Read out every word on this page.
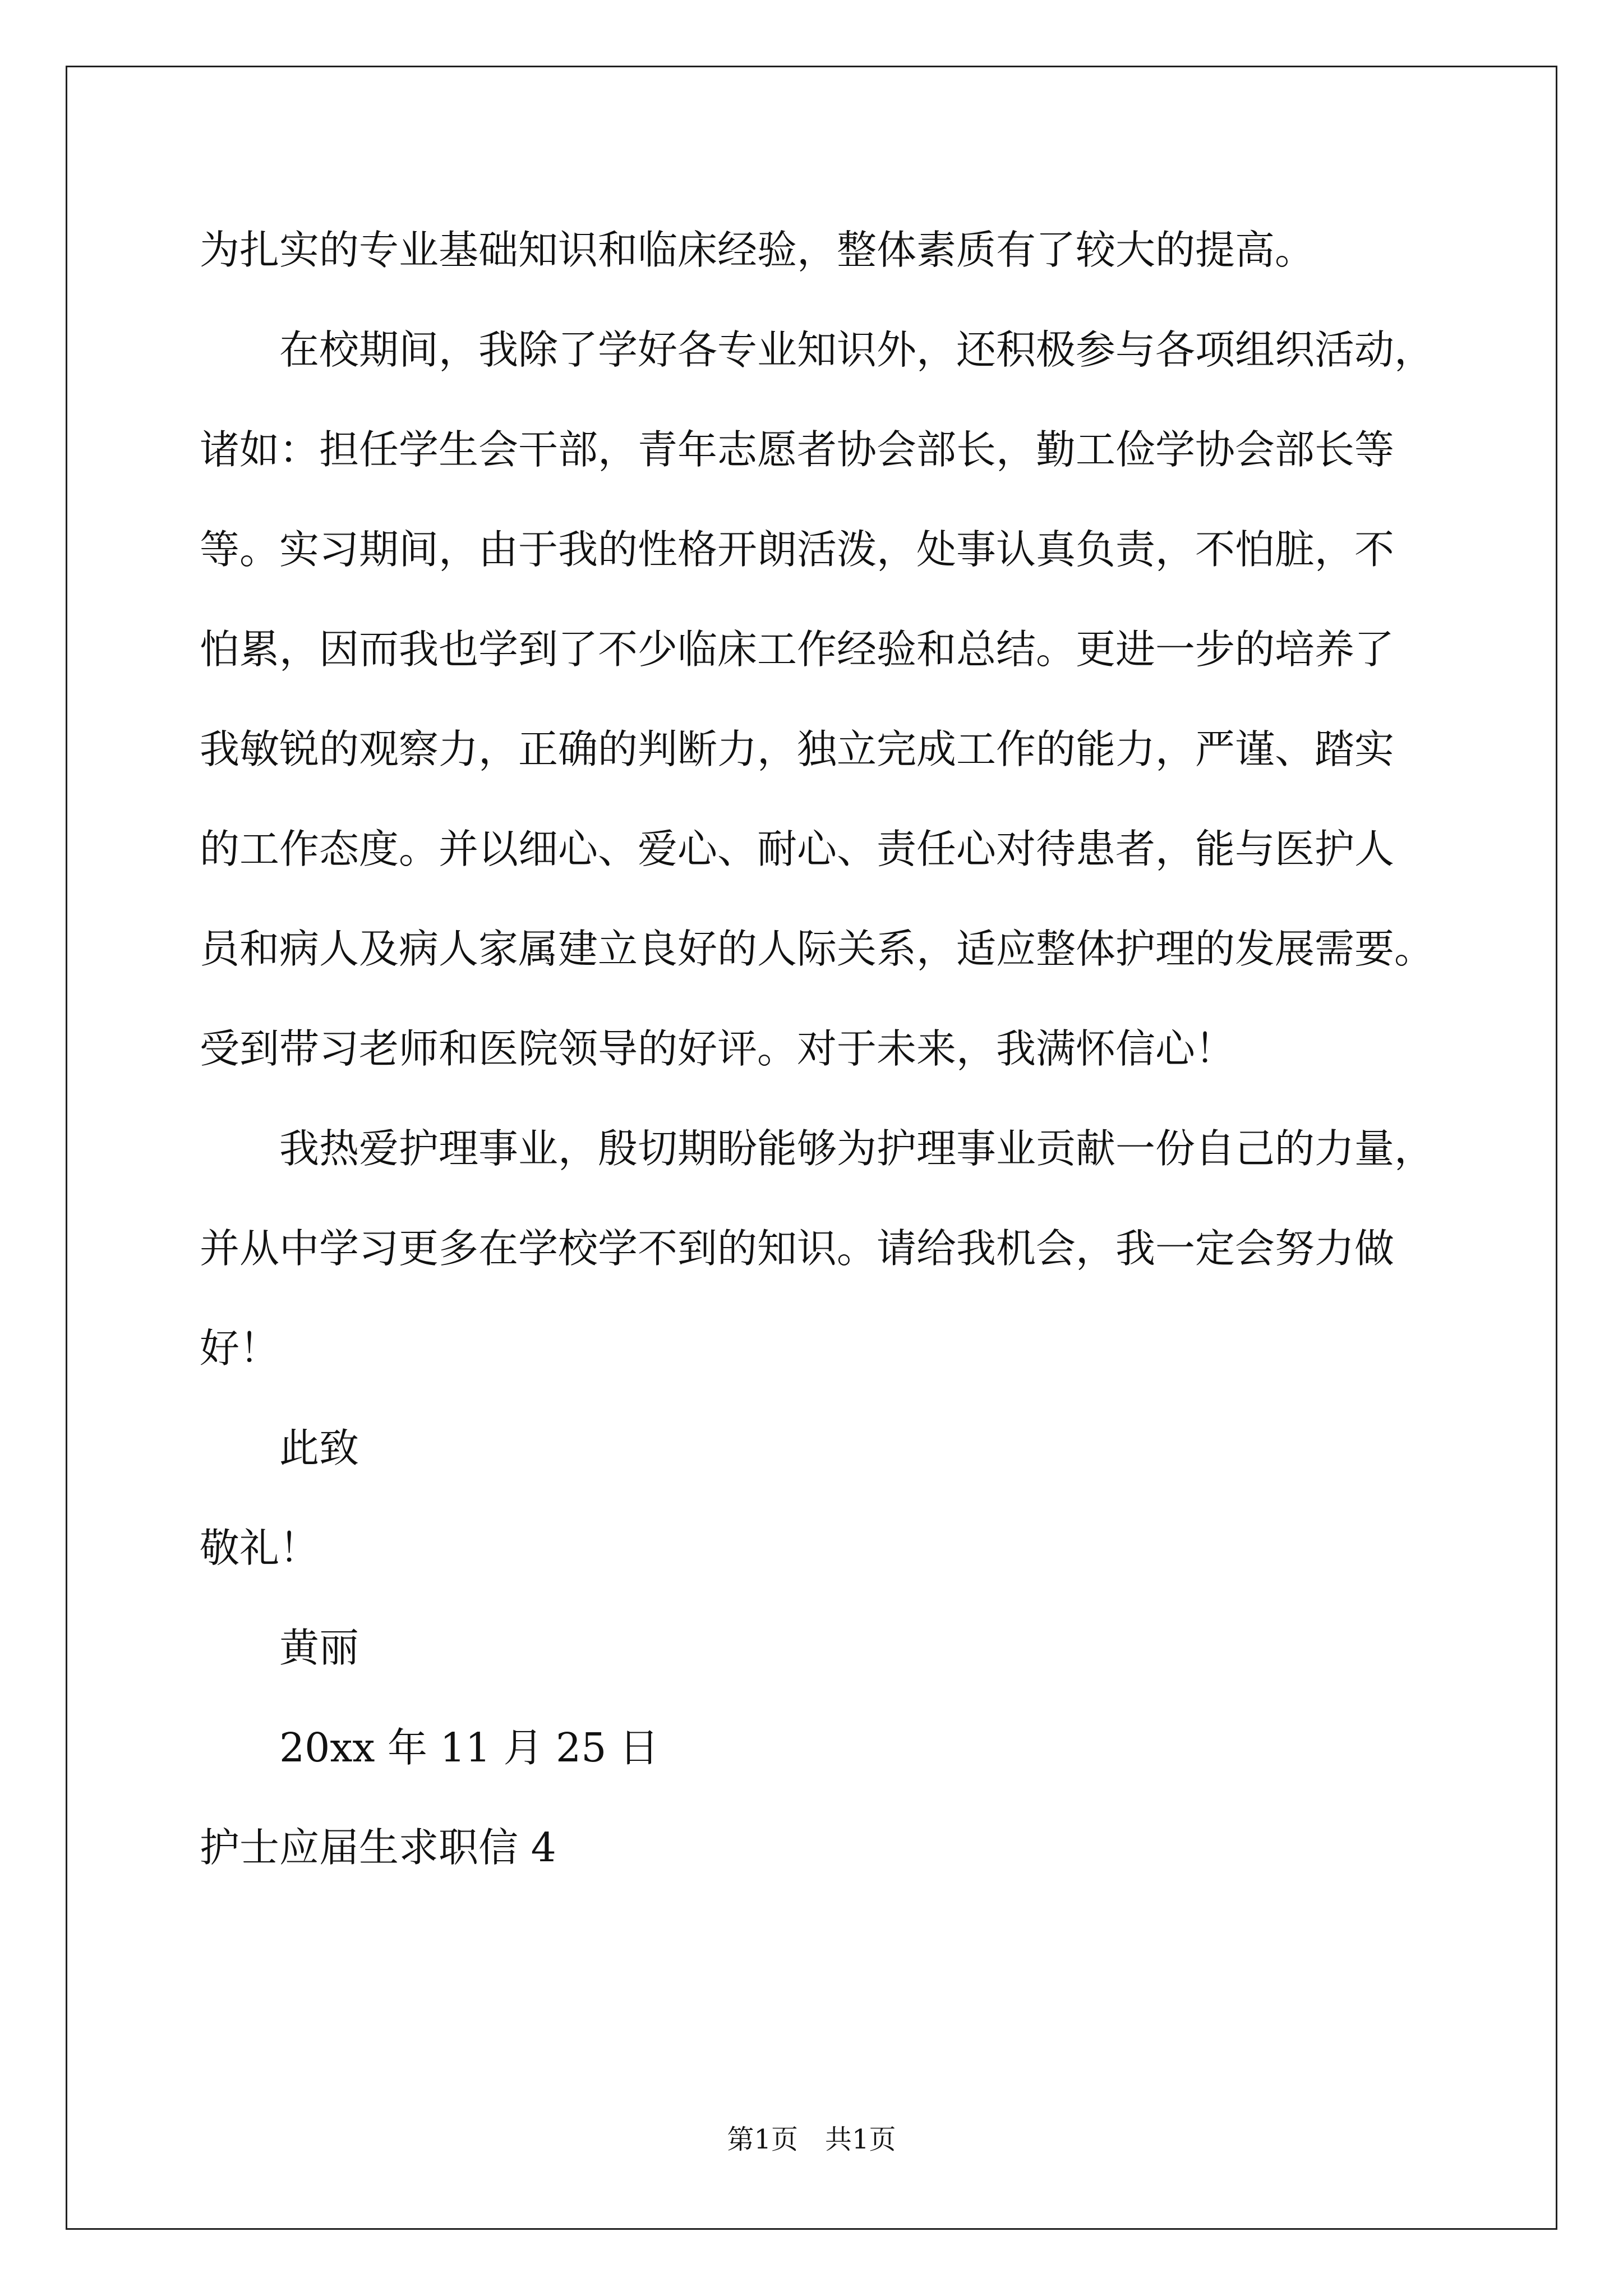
为扎实的专业基础知识和临床经验，整体素质有了较大的提高。
在校期间，我除了学好各专业知识外，还积极参与各项组织活动，
诸如：担任学生会干部，青年志愿者协会部长，勤工俭学协会部长等
等。实习期间，由于我的性格开朗活泼，处事认真负责，不怕脏，不
怕累，因而我也学到了不少临床工作经验和总结。更进一步的培养了
我敏锐的观察力，正确的判断力，独立完成工作的能力，严谨、踏实
的工作态度。并以细心、爱心、耐心、责任心对待患者，能与医护人
员和病人及病人家属建立良好的人际关系，适应整体护理的发展需要。
受到带习老师和医院领导的好评。对于未来，我满怀信心！
我热爱护理事业，殷切期盼能够为护理事业贡献一份自己的力量，
并从中学习更多在学校学不到的知识。请给我机会，我一定会努力做
好！
此致
敬礼！
黄丽
20xx 年 11 月 25 日
护士应届生求职信 4
第1页 共1页
